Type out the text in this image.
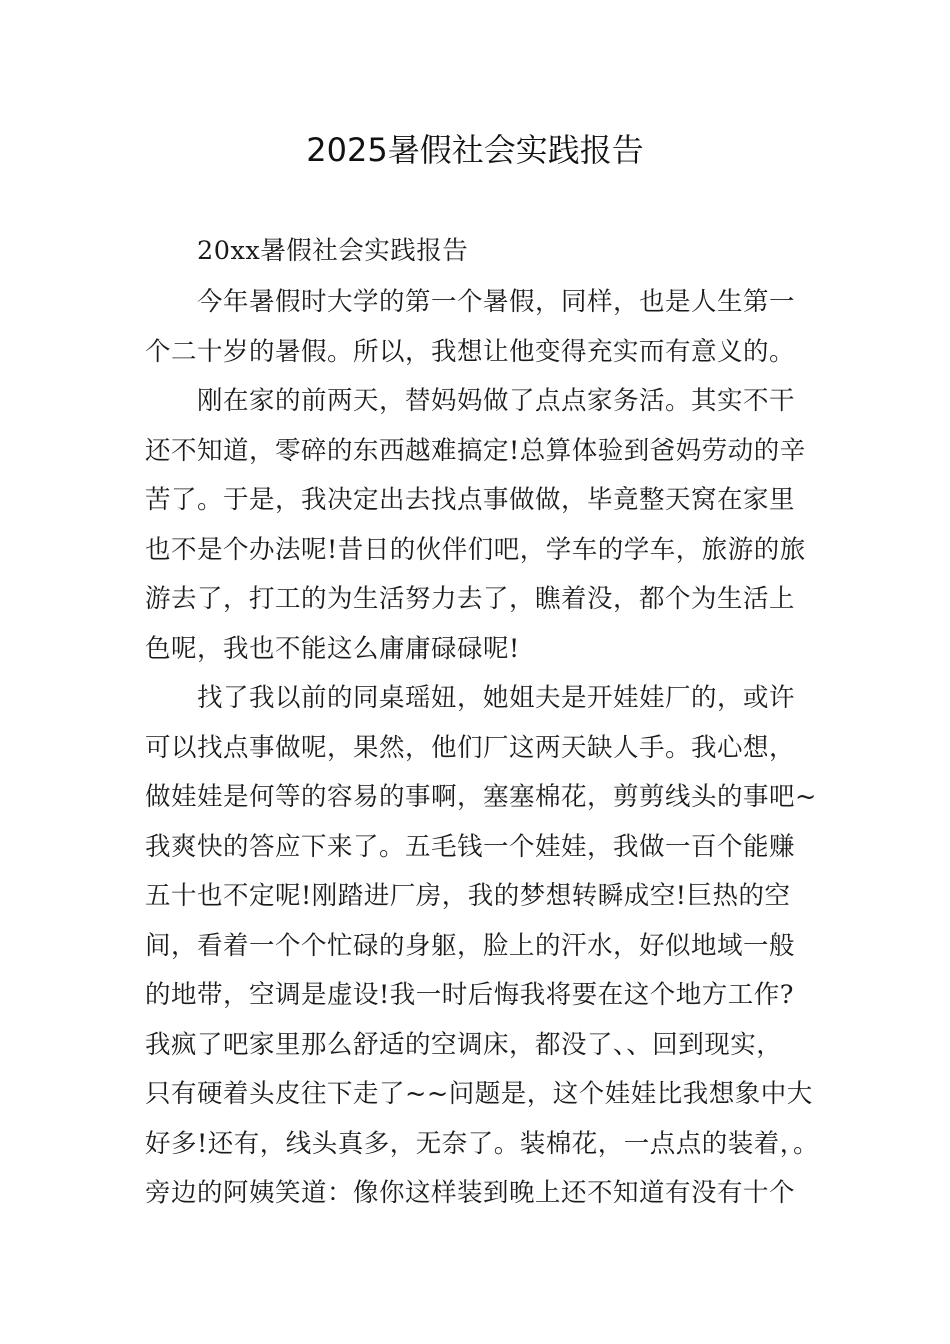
2025暑假社会实践报告
20xx暑假社会实践报告
今年暑假时大学的第一个暑假，同样，也是人生第一
个二十岁的暑假。所以，我想让他变得充实而有意义的。
刚在家的前两天，替妈妈做了点点家务活。其实不干
还不知道，零碎的东西越难搞定!总算体验到爸妈劳动的辛
苦了。于是，我决定出去找点事做做，毕竟整天窝在家里
也不是个办法呢!昔日的伙伴们吧，学车的学车，旅游的旅
游去了，打工的为生活努力去了，瞧着没，都个为生活上
色呢，我也不能这么庸庸碌碌呢!
找了我以前的同桌瑶妞，她姐夫是开娃娃厂的，或许
可以找点事做呢，果然，他们厂这两天缺人手。我心想，
做娃娃是何等的容易的事啊，塞塞棉花，剪剪线头的事吧~
我爽快的答应下来了。五毛钱一个娃娃，我做一百个能赚
五十也不定呢!刚踏进厂房，我的梦想转瞬成空!巨热的空
间，看着一个个忙碌的身躯，脸上的汗水，好似地域一般
的地带，空调是虚设!我一时后悔我将要在这个地方工作?
我疯了吧家里那么舒适的空调床，都没了、、回到现实，
只有硬着头皮往下走了~~问题是，这个娃娃比我想象中大
好多!还有，线头真多，无奈了。装棉花，一点点的装着，。
旁边的阿姨笑道：像你这样装到晚上还不知道有没有十个
